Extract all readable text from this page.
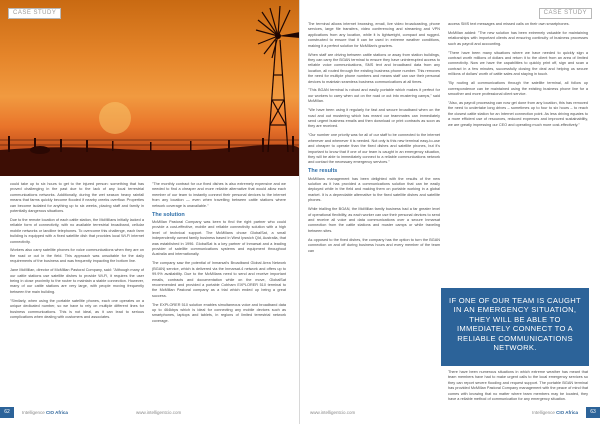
CASE STUDY

could take up to six hours to get to the injured person: something that has proved challenging in the past due to the lack of any local terrestrial communications networks. Additionally, during the wet season heavy rainfall means that farms quickly become flooded if nearby creeks overflow. Properties can become isolated for anything up to six weeks, placing staff and family in potentially dangerous situations.

Due to the remote location of each cattle station, the McMillans initially lacked a reliable form of connectivity, with no available terrestrial broadband, cellular mobile networks or landline telephones. To overcome this challenge, each farm building is equipped with a fixed satellite dish that provides local Wi-Fi internet connectivity.

Workers also carry satellite phones for voice communications when they are on the road or out in the field. This approach was unsuitable for the daily requirements of the business and was frequently impacting the bottom line.

Jane McMillan, director of McMillan Pastoral Company, said: "Although many of our cattle stations use satellite dishes to provide Wi-Fi, it requires the user being in close proximity to the router to maintain a stable connection. However, many of our cattle stations are very large, with people moving frequently between the main building.

"Similarly, when using the portable satellite phones, each one operates on a unique dedicated number, so we have to rely on multiple different lines for business communications. This is not ideal, as it can lead to serious complications when dealing with customers and associates.

"The monthly contract for our fixed dishes is also extremely expensive and we needed to find a cheaper and more reliable alternative that would allow each member of our team to instantly connect their personal devices to the internet from any location — even when travelling between cattle stations where network coverage is unavailable."

The solution

McMillan Pastoral Company was keen to find the right partner who could provide a cost-effective, mobile and reliable connectivity solution with a high level of technical support. The McMillans chose GlobalSat, a small independently owned family business based in West Ipswich Qld, Australia, that was established in 1996. GlobalSat is a key partner of Inmarsat and a leading provider of satellite communications systems and equipment throughout Australia and internationally.

The company saw the potential of Inmarsat's Broadband Global Area Network (BGAN) service, which is delivered via the Inmarsat-4 network and offers up to 99.9% availability. Due to the McMillans need to send and receive important emails, contracts and documentation while on the move, GlobalSat recommended and provided a portable Cobham EXPLORER 510 terminal to the McMillan Pastoral company as a trial which ended up being a great success.

The EXPLORER 510 solution enables simultaneous voice and broadband data up to 464kbps which is ideal for connecting any mobile devices such as smartphones, laptops and tablets, in regions of limited terrestrial network coverage.

62	Intelligence CIO Africa	www.intelligentcio.com
CASE STUDY

The terminal allows internet browsing, email, live video broadcasting, phone services, large file transfers, video conferencing and streaming and VPN applications from any location, while it is lightweight, compact and rugged-constructed to ensure that it can be used in extreme weather conditions, making it a perfect solution for McMillan's graziers.

When staff are driving between cattle stations or away from station buildings, they can carry the BGAN terminal to ensure they have uninterrupted access to reliable voice communications, SMS text and broadband data from any location, all routed through the existing business phone number. This removes the need for multiple phone numbers and means staff can use their personal devices to maintain seamless business communications at all times.

"This BGAN terminal is robust and easily portable which makes it perfect for our workers to carry when out on the road or out into mustering camps," said McMillan.

"We have been using it regularly for fast and secure broadband when on the road and out mustering which has meant our teammates can immediately send urgent business emails and then download or print contracts as soon as they are received.

"Our number one priority was for all of our staff to be connected to the internet wherever and whenever it is needed. Not only is this new terminal easy-to-use and cheaper to operate than the fixed dishes and satellite phones, but it's important to know that if one of our team is caught in an emergency situation, they will be able to immediately connect to a reliable communications network and contact the necessary emergency services."

The results

McMillans management has been delighted with the results of the new solution as it has provided a communications solution that can be easily deployed while in the field and making them on portable working in a global market. It is a dependable alternative to the fixed satellite dishes and satellite phones.

While trialling the BGAN, the McMillan family business had a far greater level of operational flexibility, as each worker can use their personal devices to send and receive all voice and data communications over a secure Inmarsat connection from the cattle stations and muster camps or while traveling between sites.

As opposed to the fixed dishes, the company has the option to turn the BGAN connection on and off during business hours and every member of the team can

access SMS text messages and missed calls on their own smartphones.

McMillan added: "The new solution has been extremely valuable for maintaining relationships with important clients and ensuring continuity of business processes such as payroll and accounting.

"There have been many situations where we have needed to quickly sign a contract worth millions of dollars and return it to the client from an area of limited connectivity. Now we have the capabilities to quickly print off, sign and scan a contract in a few minutes, successfully closing the deal and helping us secure millions of dollars' worth of cattle sales and staying in touch.

"By routing all communications through the satellite terminal, all follow up correspondence can be maintained using the existing business phone line for a smoother and more professional client service.

"Also, as payroll processing can now get done from any location, this has removed the need to undertake long drives – sometimes up to four to six hours – to reach the closest cattle station for an Internet connection point. As less driving equates to a more efficient use of resources, reduced expenses and improved sustainability, we are greatly impressing our CEO and operating much more cost-effectively."

There have been numerous situations in which extreme weather has meant that team members have had to make urgent calls to the local emergency services so they can report severe flooding and request support. The portable BGAN terminal has provided McMillan Pastoral Company management with the peace of mind that comes with knowing that no matter where team members may be located, they have a reliable method of communication for any emergency situation.

www.intelligentcio.com	Intelligence CIO Africa	63
IF ONE OF OUR TEAM IS CAUGHT IN AN EMERGENCY SITUATION, THEY WILL BE ABLE TO IMMEDIATELY CONNECT TO A RELIABLE COMMUNICATIONS NETWORK.
